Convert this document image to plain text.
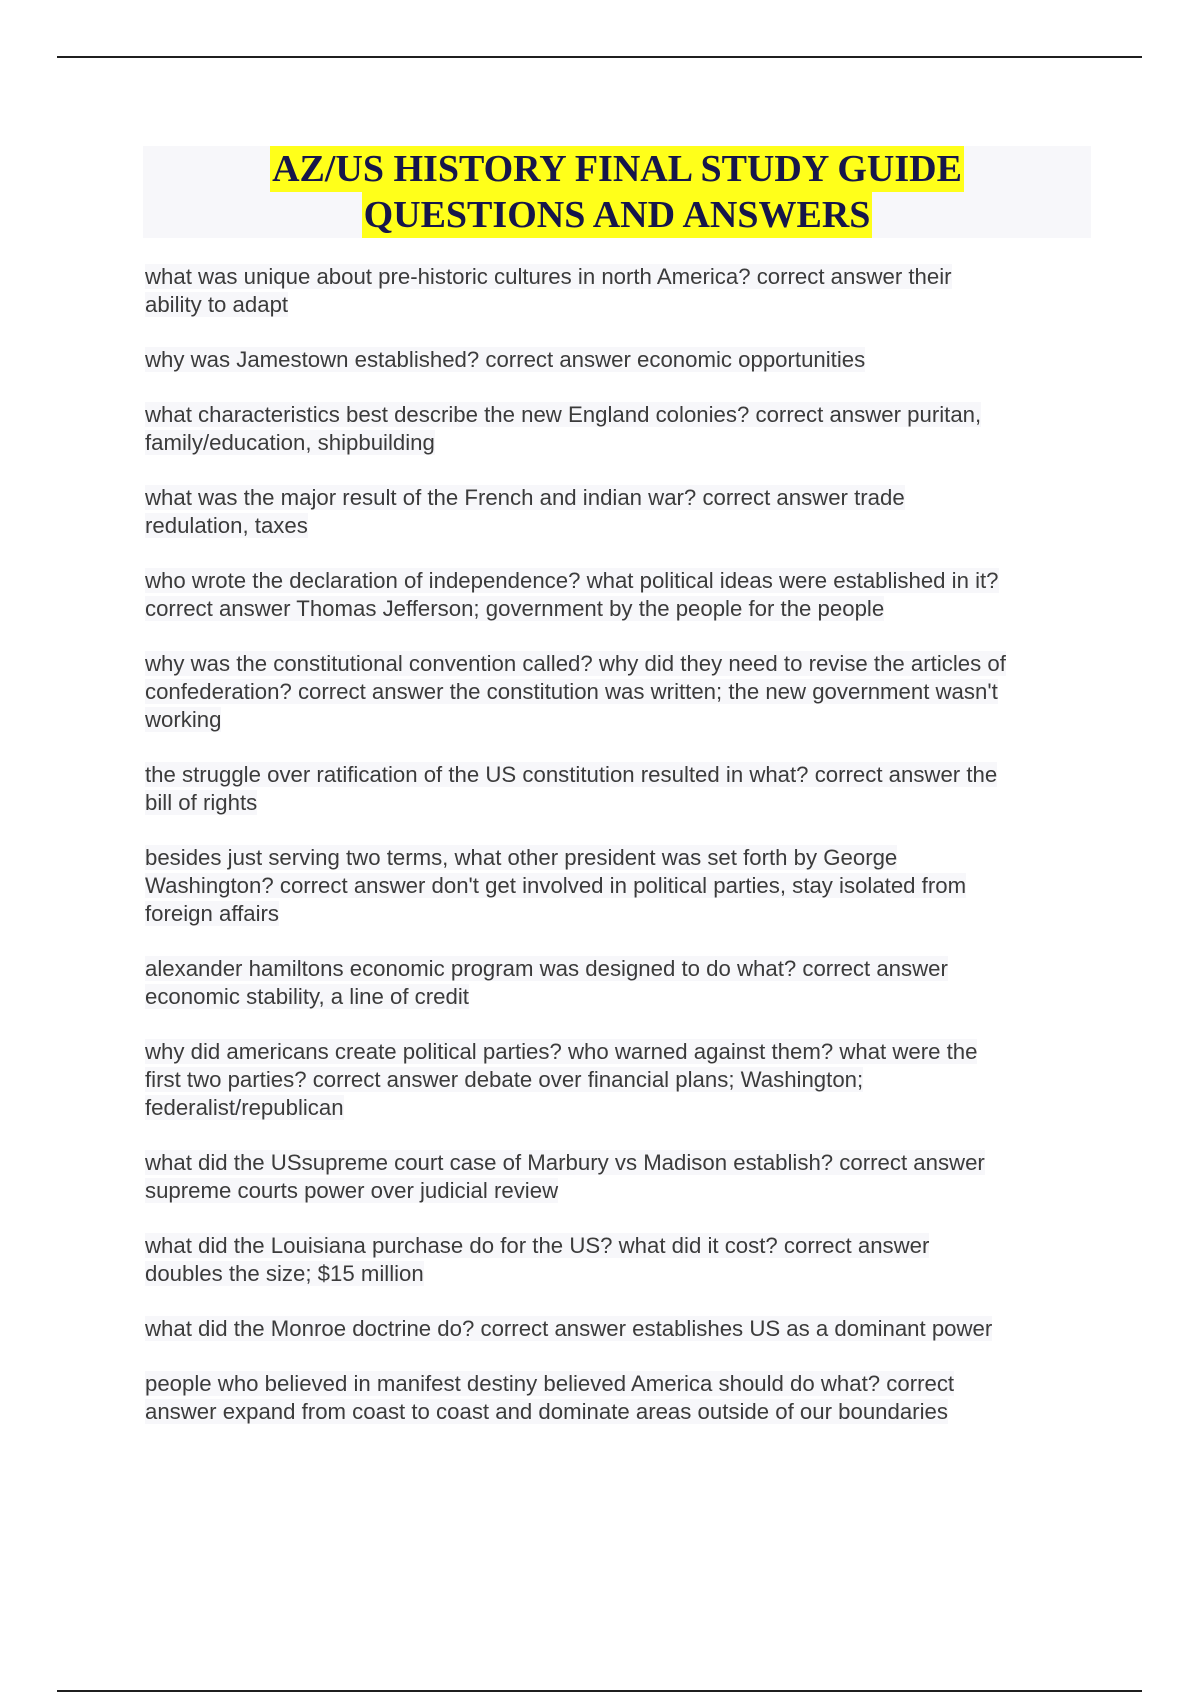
AZ/US HISTORY FINAL STUDY GUIDE
QUESTIONS AND ANSWERS
what was unique about pre-historic cultures in north America? correct answer their
ability to adapt
why was Jamestown established? correct answer economic opportunities
what characteristics best describe the new England colonies? correct answer puritan,
family/education, shipbuilding
what was the major result of the French and indian war? correct answer trade
redulation, taxes
who wrote the declaration of independence? what political ideas were established in it?
correct answer Thomas Jefferson; government by the people for the people
why was the constitutional convention called? why did they need to revise the articles of
confederation? correct answer the constitution was written; the new government wasn't
working
the struggle over ratification of the US constitution resulted in what? correct answer the
bill of rights
besides just serving two terms, what other president was set forth by George
Washington? correct answer don't get involved in political parties, stay isolated from
foreign affairs
alexander hamiltons economic program was designed to do what? correct answer
economic stability, a line of credit
why did americans create political parties? who warned against them? what were the
first two parties? correct answer debate over financial plans; Washington;
federalist/republican
what did the USsupreme court case of Marbury vs Madison establish? correct answer
supreme courts power over judicial review
what did the Louisiana purchase do for the US? what did it cost? correct answer
doubles the size; $15 million
what did the Monroe doctrine do? correct answer establishes US as a dominant power
people who believed in manifest destiny believed America should do what? correct
answer expand from coast to coast and dominate areas outside of our boundaries
